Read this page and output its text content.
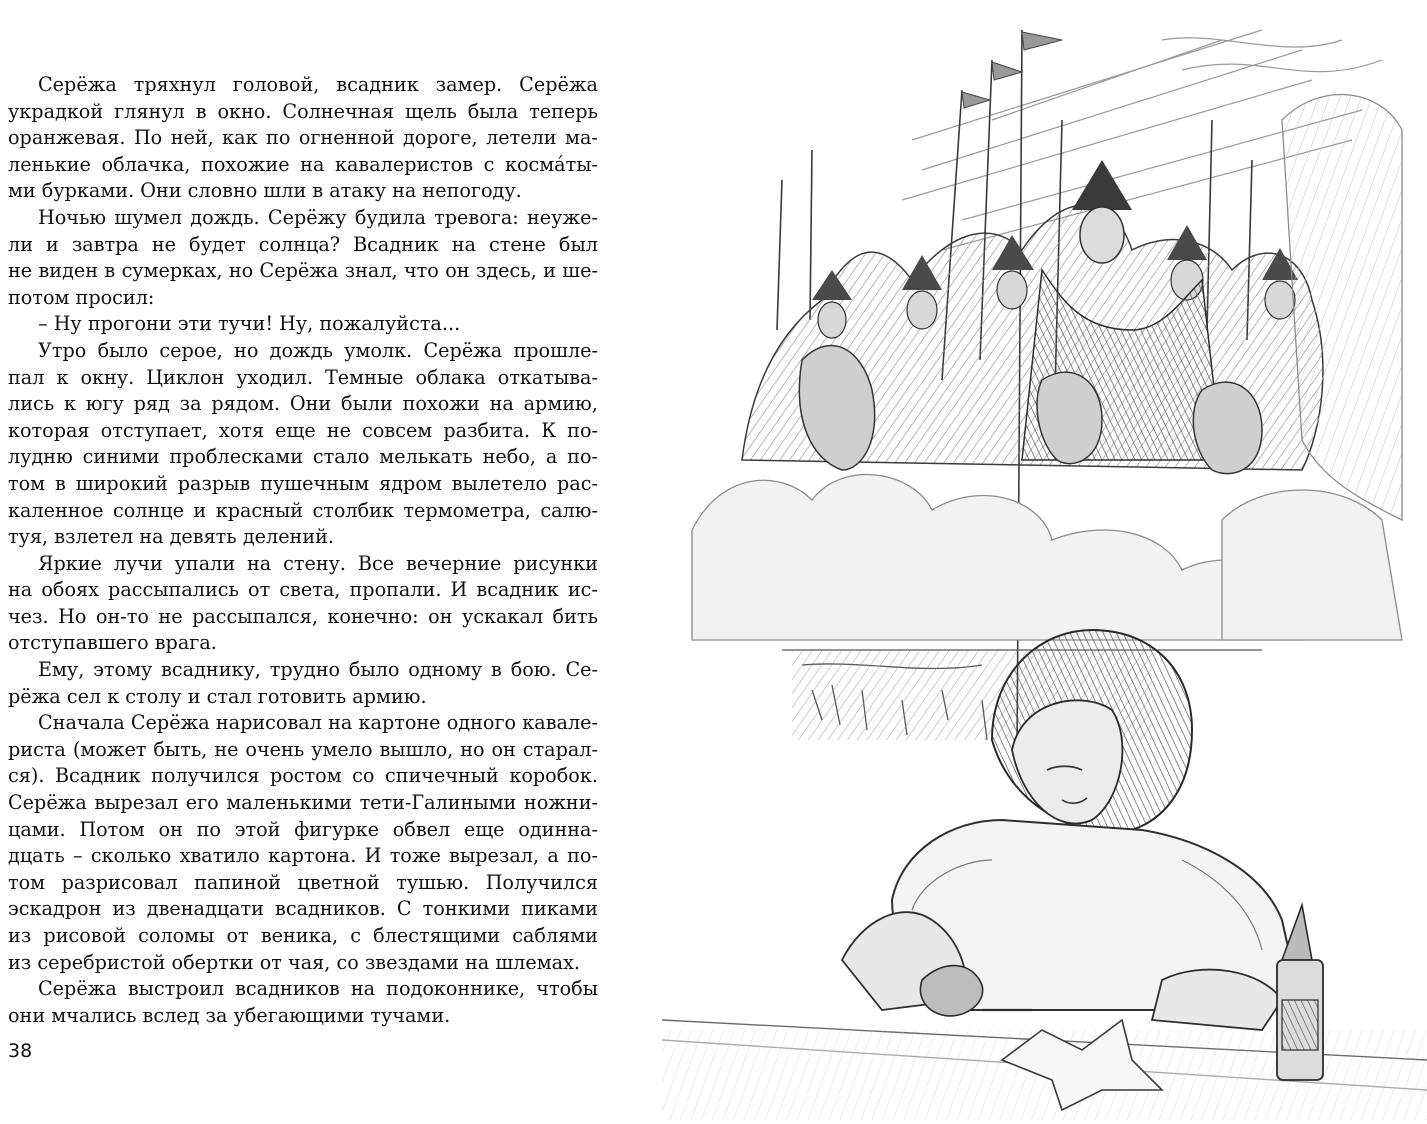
Серёжа тряхнул головой, всадник замер. Серёжа
украдкой глянул в окно. Солнечная щель была теперь
оранжевая. По ней, как по огненной дороге, летели ма-
ленькие облачка, похожие на кавалеристов с космáты-
ми бурками. Они словно шли в атаку на непогоду.
Ночью шумел дождь. Серёжу будила тревога: неуже-
ли и завтра не будет солнца? Всадник на стене был
не виден в сумерках, но Серёжа знал, что он здесь, и ше-
потом просил:
– Ну прогони эти тучи! Ну, пожалуйста...
Утро было серое, но дождь умолк. Серёжа прошле-
пал к окну. Циклон уходил. Темные облака откатыва-
лись к югу ряд за рядом. Они были похожи на армию,
которая отступает, хотя еще не совсем разбита. К по-
лудню синими проблесками стало мелькать небо, а по-
том в широкий разрыв пушечным ядром вылетело рас-
каленное солнце и красный столбик термометра, салю-
туя, взлетел на девять делений.
Яркие лучи упали на стену. Все вечерние рисунки
на обоях рассыпались от света, пропали. И всадник ис-
чез. Но он-то не рассыпался, конечно: он ускакал бить
отступавшего врага.
Ему, этому всаднику, трудно было одному в бою. Се-
рёжа сел к столу и стал готовить армию.
Сначала Серёжа нарисовал на картоне одного кавале-
риста (может быть, не очень умело вышло, но он старал-
ся). Всадник получился ростом со спичечный коробок.
Серёжа вырезал его маленькими тети-Галиными ножни-
цами. Потом он по этой фигурке обвел еще одинна-
дцать – сколько хватило картона. И тоже вырезал, а по-
том разрисовал папиной цветной тушью. Получился
эскадрон из двенадцати всадников. С тонкими пиками
из рисовой соломы от веника, с блестящими саблями
из серебристой обертки от чая, со звездами на шлемах.
Серёжа выстроил всадников на подоконнике, чтобы
они мчались вслед за убегающими тучами.
38
